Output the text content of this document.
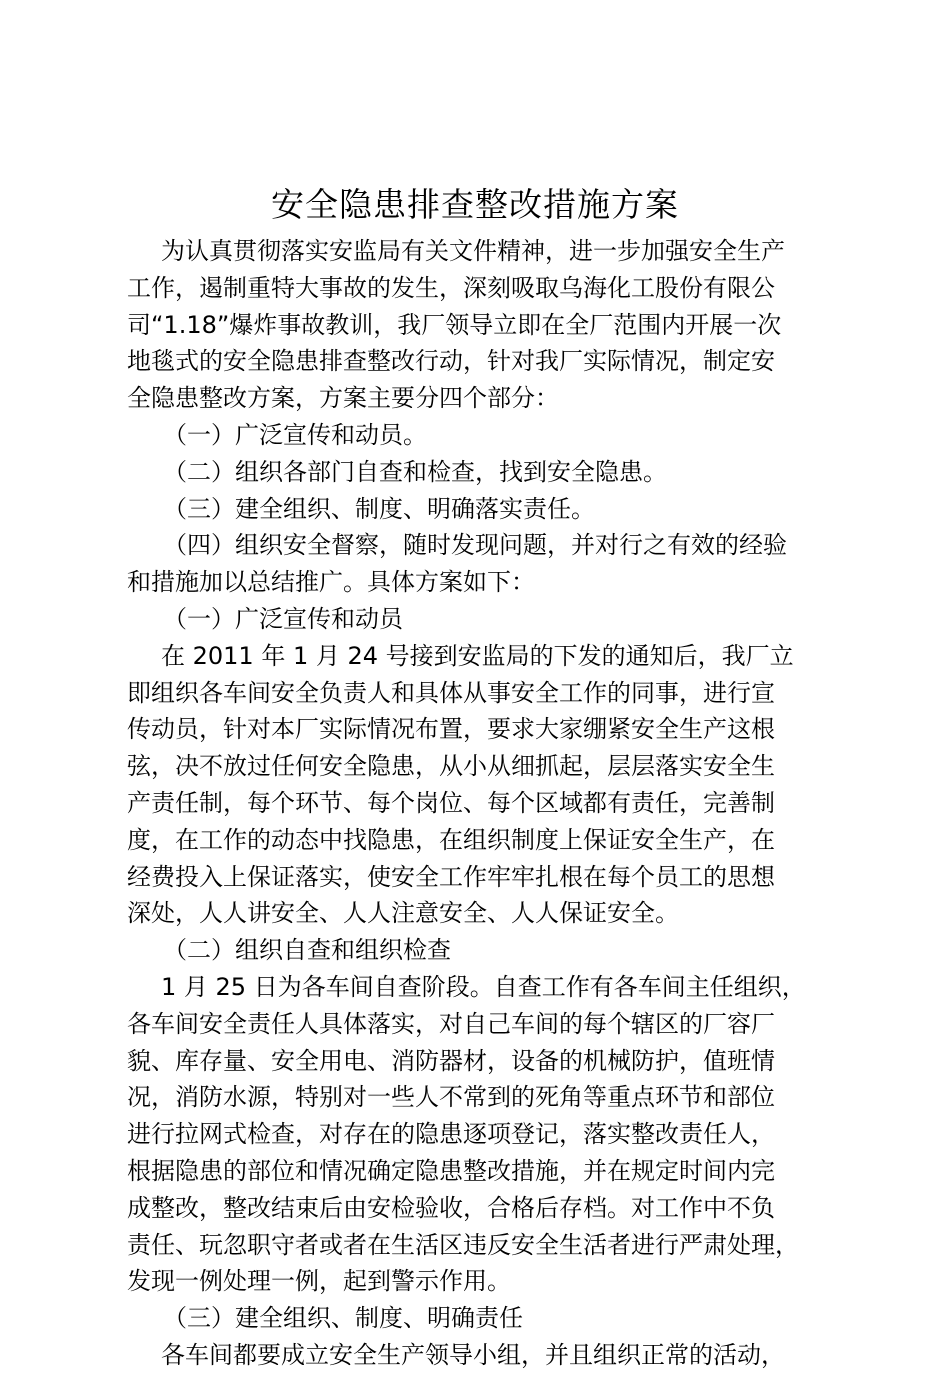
安全隐患排查整改措施方案
为认真贯彻落实安监局有关文件精神，进一步加强安全生产
工作，遏制重特大事故的发生，深刻吸取乌海化工股份有限公
司“1.18”爆炸事故教训，我厂领导立即在全厂范围内开展一次
地毯式的安全隐患排查整改行动，针对我厂实际情况，制定安
全隐患整改方案，方案主要分四个部分：
（一）广泛宣传和动员。
（二）组织各部门自查和检查，找到安全隐患。
（三）建全组织、制度、明确落实责任。
（四）组织安全督察，随时发现问题，并对行之有效的经验
和措施加以总结推广。具体方案如下：
（一）广泛宣传和动员
在 2011 年 1 月 24 号接到安监局的下发的通知后，我厂立
即组织各车间安全负责人和具体从事安全工作的同事，进行宣
传动员，针对本厂实际情况布置，要求大家绷紧安全生产这根
弦，决不放过任何安全隐患，从小从细抓起，层层落实安全生
产责任制，每个环节、每个岗位、每个区域都有责任，完善制
度，在工作的动态中找隐患，在组织制度上保证安全生产，在
经费投入上保证落实，使安全工作牢牢扎根在每个员工的思想
深处，人人讲安全、人人注意安全、人人保证安全。
（二）组织自查和组织检查
1 月 25 日为各车间自查阶段。自查工作有各车间主任组织，
各车间安全责任人具体落实，对自己车间的每个辖区的厂容厂
貌、库存量、安全用电、消防器材，设备的机械防护，值班情
况，消防水源，特别对一些人不常到的死角等重点环节和部位
进行拉网式检查，对存在的隐患逐项登记，落实整改责任人，
根据隐患的部位和情况确定隐患整改措施，并在规定时间内完
成整改，整改结束后由安检验收，合格后存档。对工作中不负
责任、玩忽职守者或者在生活区违反安全生活者进行严肃处理，
发现一例处理一例，起到警示作用。
（三）建全组织、制度、明确责任
各车间都要成立安全生产领导小组，并且组织正常的活动，
